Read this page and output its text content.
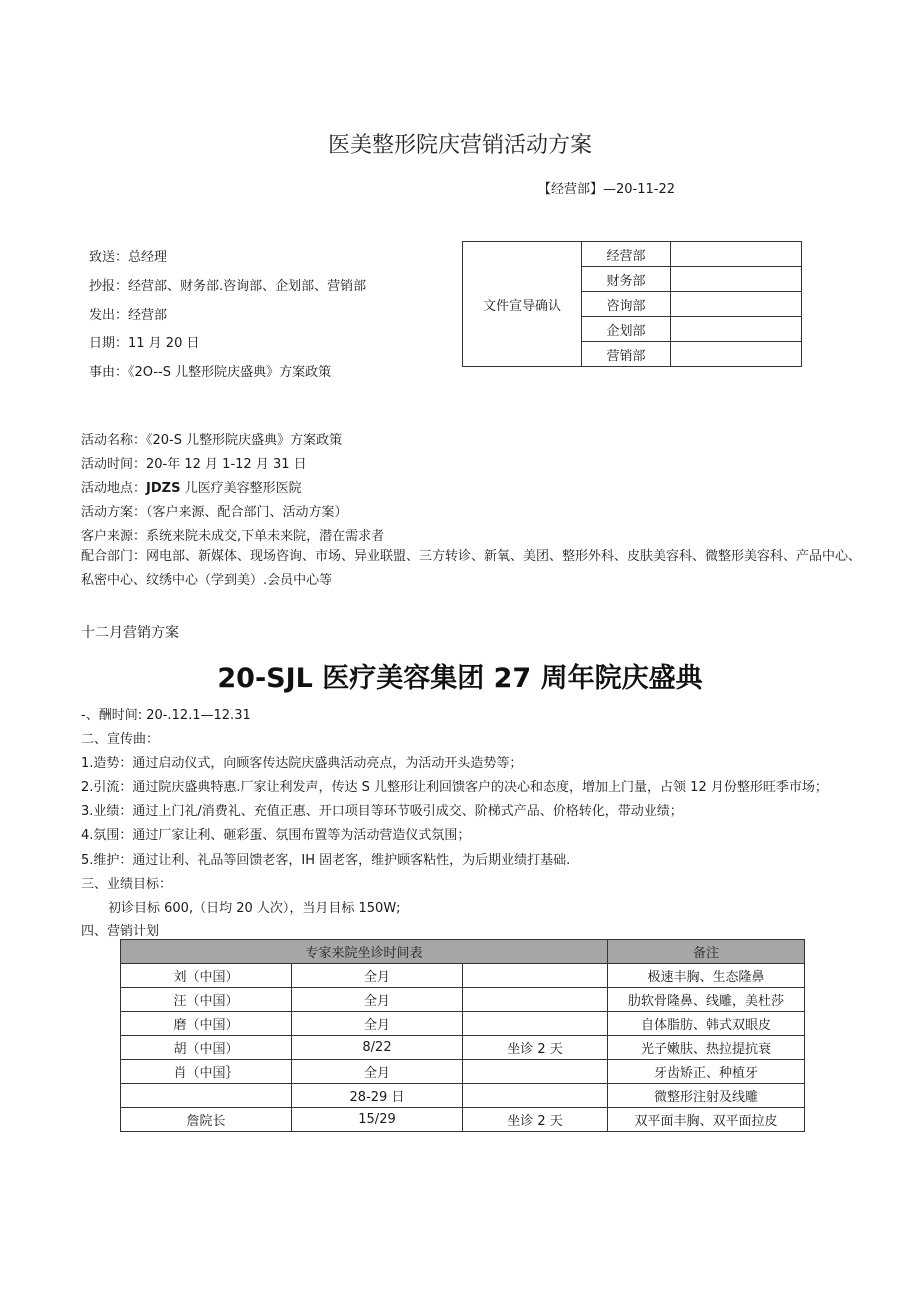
医美整形院庆营销活动方案
【经营部】—20-11-22
致送：总经理
抄报：经营部、财务部.咨询部、企划部、营销部
发出：经营部
日期：11 月 20 日
事由：《2O--S 儿整形院庆盛典》方案政策
文件宣导确认	经营部	
	财务部	
	咨询部	
	企划部	
	营销部	
活动名称：《20-S 儿整形院庆盛典》方案政策
活动时间：20-年 12 月 1-12 月 31 日
活动地点：JDZS 儿医疗美容整形医院
活动方案：（客户来源、配合部门、活动方案）
客户来源：系统来院未成交,下单未来院，潜在需求者
配合部门：网电部、新媒体、现场咨询、市场、异业联盟、三方转诊、新氧、美团、整形外科、皮肤美容科、微整形美容科、产品中心、私密中心、纹绣中心（学到美）.会员中心等
十二月营销方案
20-SJL 医疗美容集团 27 周年院庆盛典
-、酬时间: 20-.12.1—12.31
二、宣传曲：
1.造势：通过启动仪式，向顾客传达院庆盛典活动亮点，为活动开头造势等；
2.引流：通过院庆盛典特惠.厂家让利发声，传达 S 儿整形让利回馈客户的决心和态度，增加上门量，占领 12 月份整形旺季市场；
3.业绩：通过上门礼/消费礼、充值正惠、开口项目等环节吸引成交、阶梯式产品、价格转化，带动业绩；
4.氛围：通过厂家让利、砸彩蛋、氛围布置等为活动营造仪式氛围；
5.维护：通过让利、礼品等回馈老客，IH 固老客，维护顾客粘性，为后期业绩打基础.
三、业绩目标：
初诊目标 600,（日均 20 人次），当月目标 150W;
四、营销计划
专家来院坐诊时间表			备注
刘（中国）	全月		极速丰胸、生态隆鼻
汪（中国）	全月		肋软骨隆鼻、线雕，美杜莎
磨（中国）	全月		自体脂肪、韩式双眼皮
胡（中国）	8/22	坐诊 2 天	光子嫩肤、热拉提抗衰
肖（中国｝	全月		牙齿矫正、种植牙
	28-29 日		微整形注射及线雕
詹院长	15/29	坐诊 2 天	双平面丰胸、双平面拉皮
